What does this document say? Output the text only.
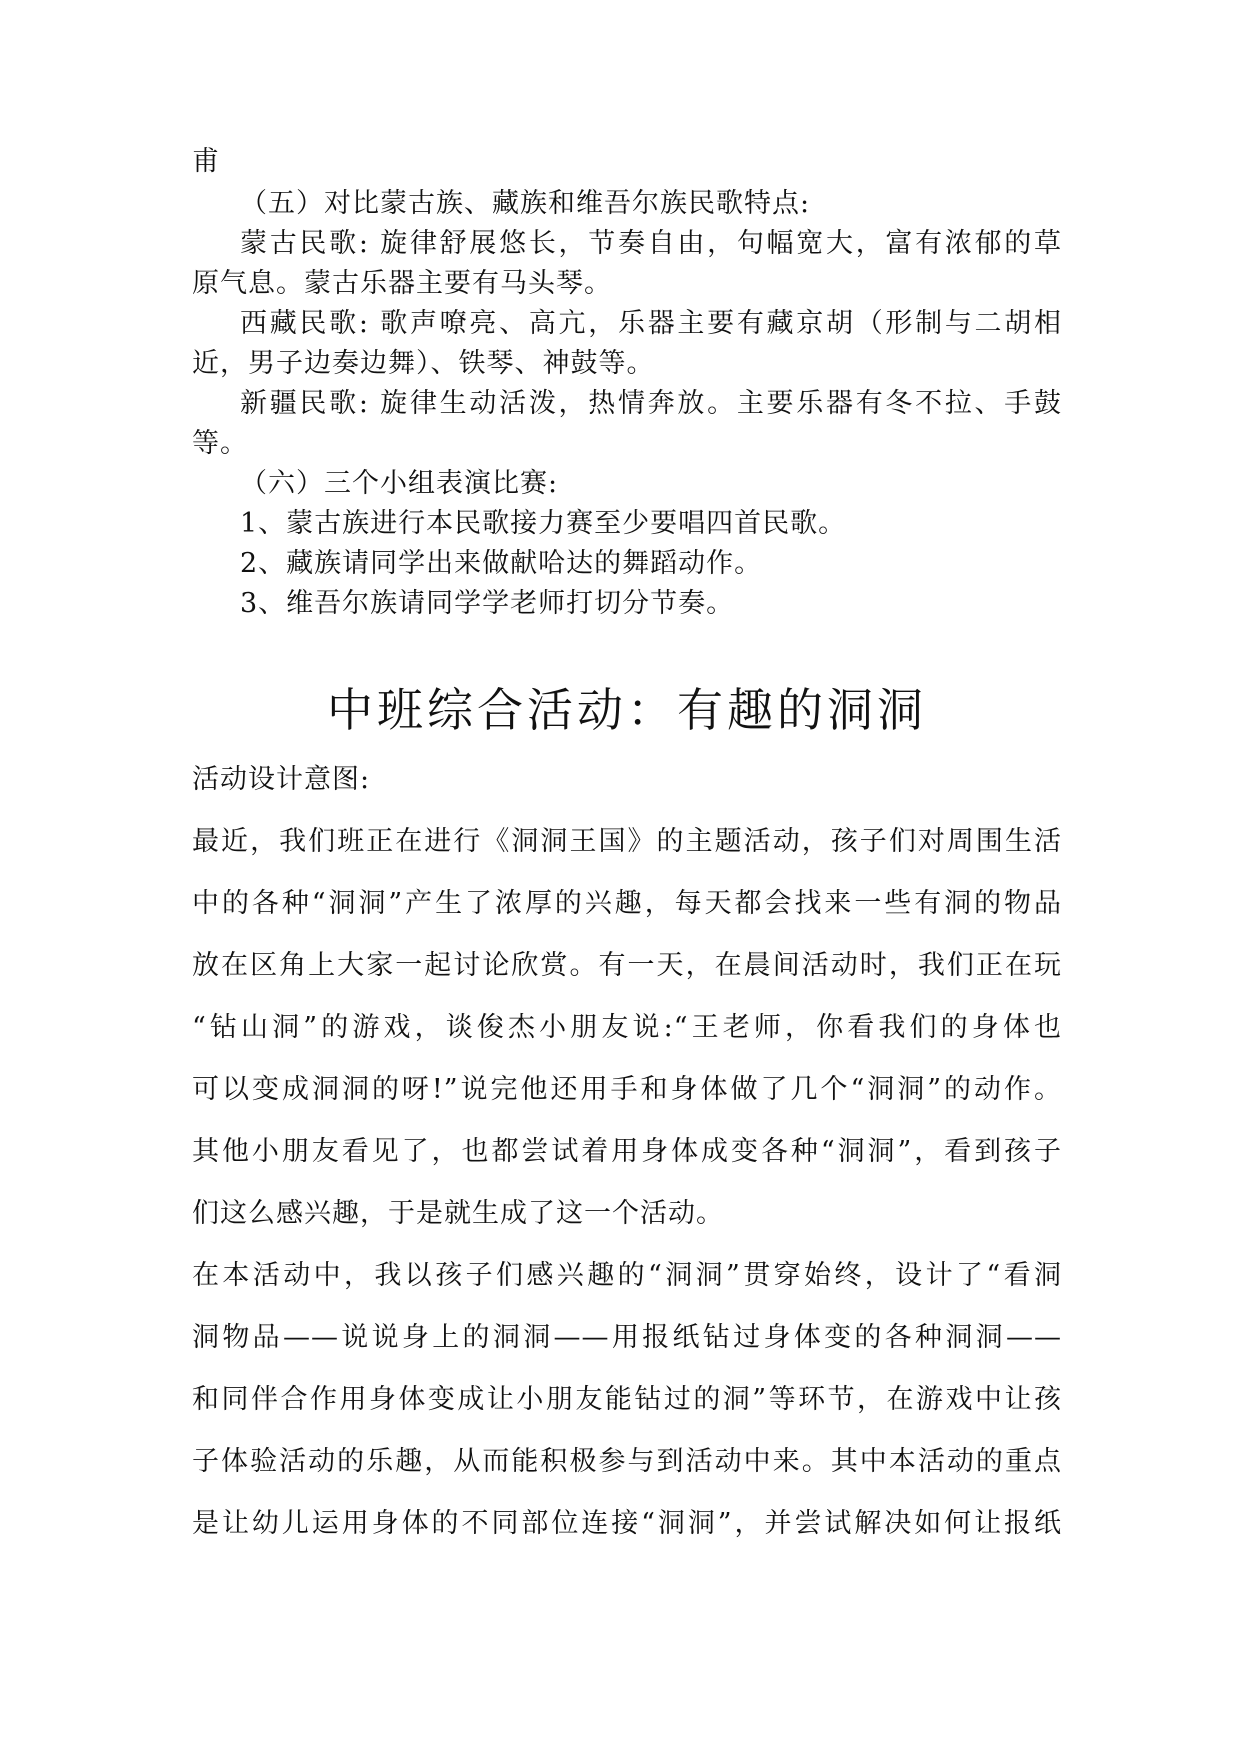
甫
（五）对比蒙古族、藏族和维吾尔族民歌特点:
蒙古民歌: 旋律舒展悠长，节奏自由，句幅宽大，富有浓郁的草
原气息。蒙古乐器主要有马头琴。
西藏民歌: 歌声嘹亮、高亢，乐器主要有藏京胡（形制与二胡相
近，男子边奏边舞）、铁琴、神鼓等。
新疆民歌: 旋律生动活泼，热情奔放。主要乐器有冬不拉、手鼓
等。
（六）三个小组表演比赛:
1、蒙古族进行本民歌接力赛至少要唱四首民歌。
2、藏族请同学出来做献哈达的舞蹈动作。
3、维吾尔族请同学学老师打切分节奏。
中班综合活动：有趣的洞洞
活动设计意图:
最近，我们班正在进行《洞洞王国》的主题活动，孩子们对周围生活
中的各种“洞洞”产生了浓厚的兴趣，每天都会找来一些有洞的物品
放在区角上大家一起讨论欣赏。有一天，在晨间活动时，我们正在玩
“钻山洞”的游戏，谈俊杰小朋友说:“王老师，你看我们的身体也
可以变成洞洞的呀!”说完他还用手和身体做了几个“洞洞”的动作。
其他小朋友看见了，也都尝试着用身体成变各种“洞洞”，看到孩子
们这么感兴趣，于是就生成了这一个活动。
在本活动中，我以孩子们感兴趣的“洞洞”贯穿始终，设计了“看洞
洞物品——说说身上的洞洞——用报纸钻过身体变的各种洞洞——
和同伴合作用身体变成让小朋友能钻过的洞”等环节，在游戏中让孩
子体验活动的乐趣，从而能积极参与到活动中来。其中本活动的重点
是让幼儿运用身体的不同部位连接“洞洞”，并尝试解决如何让报纸
